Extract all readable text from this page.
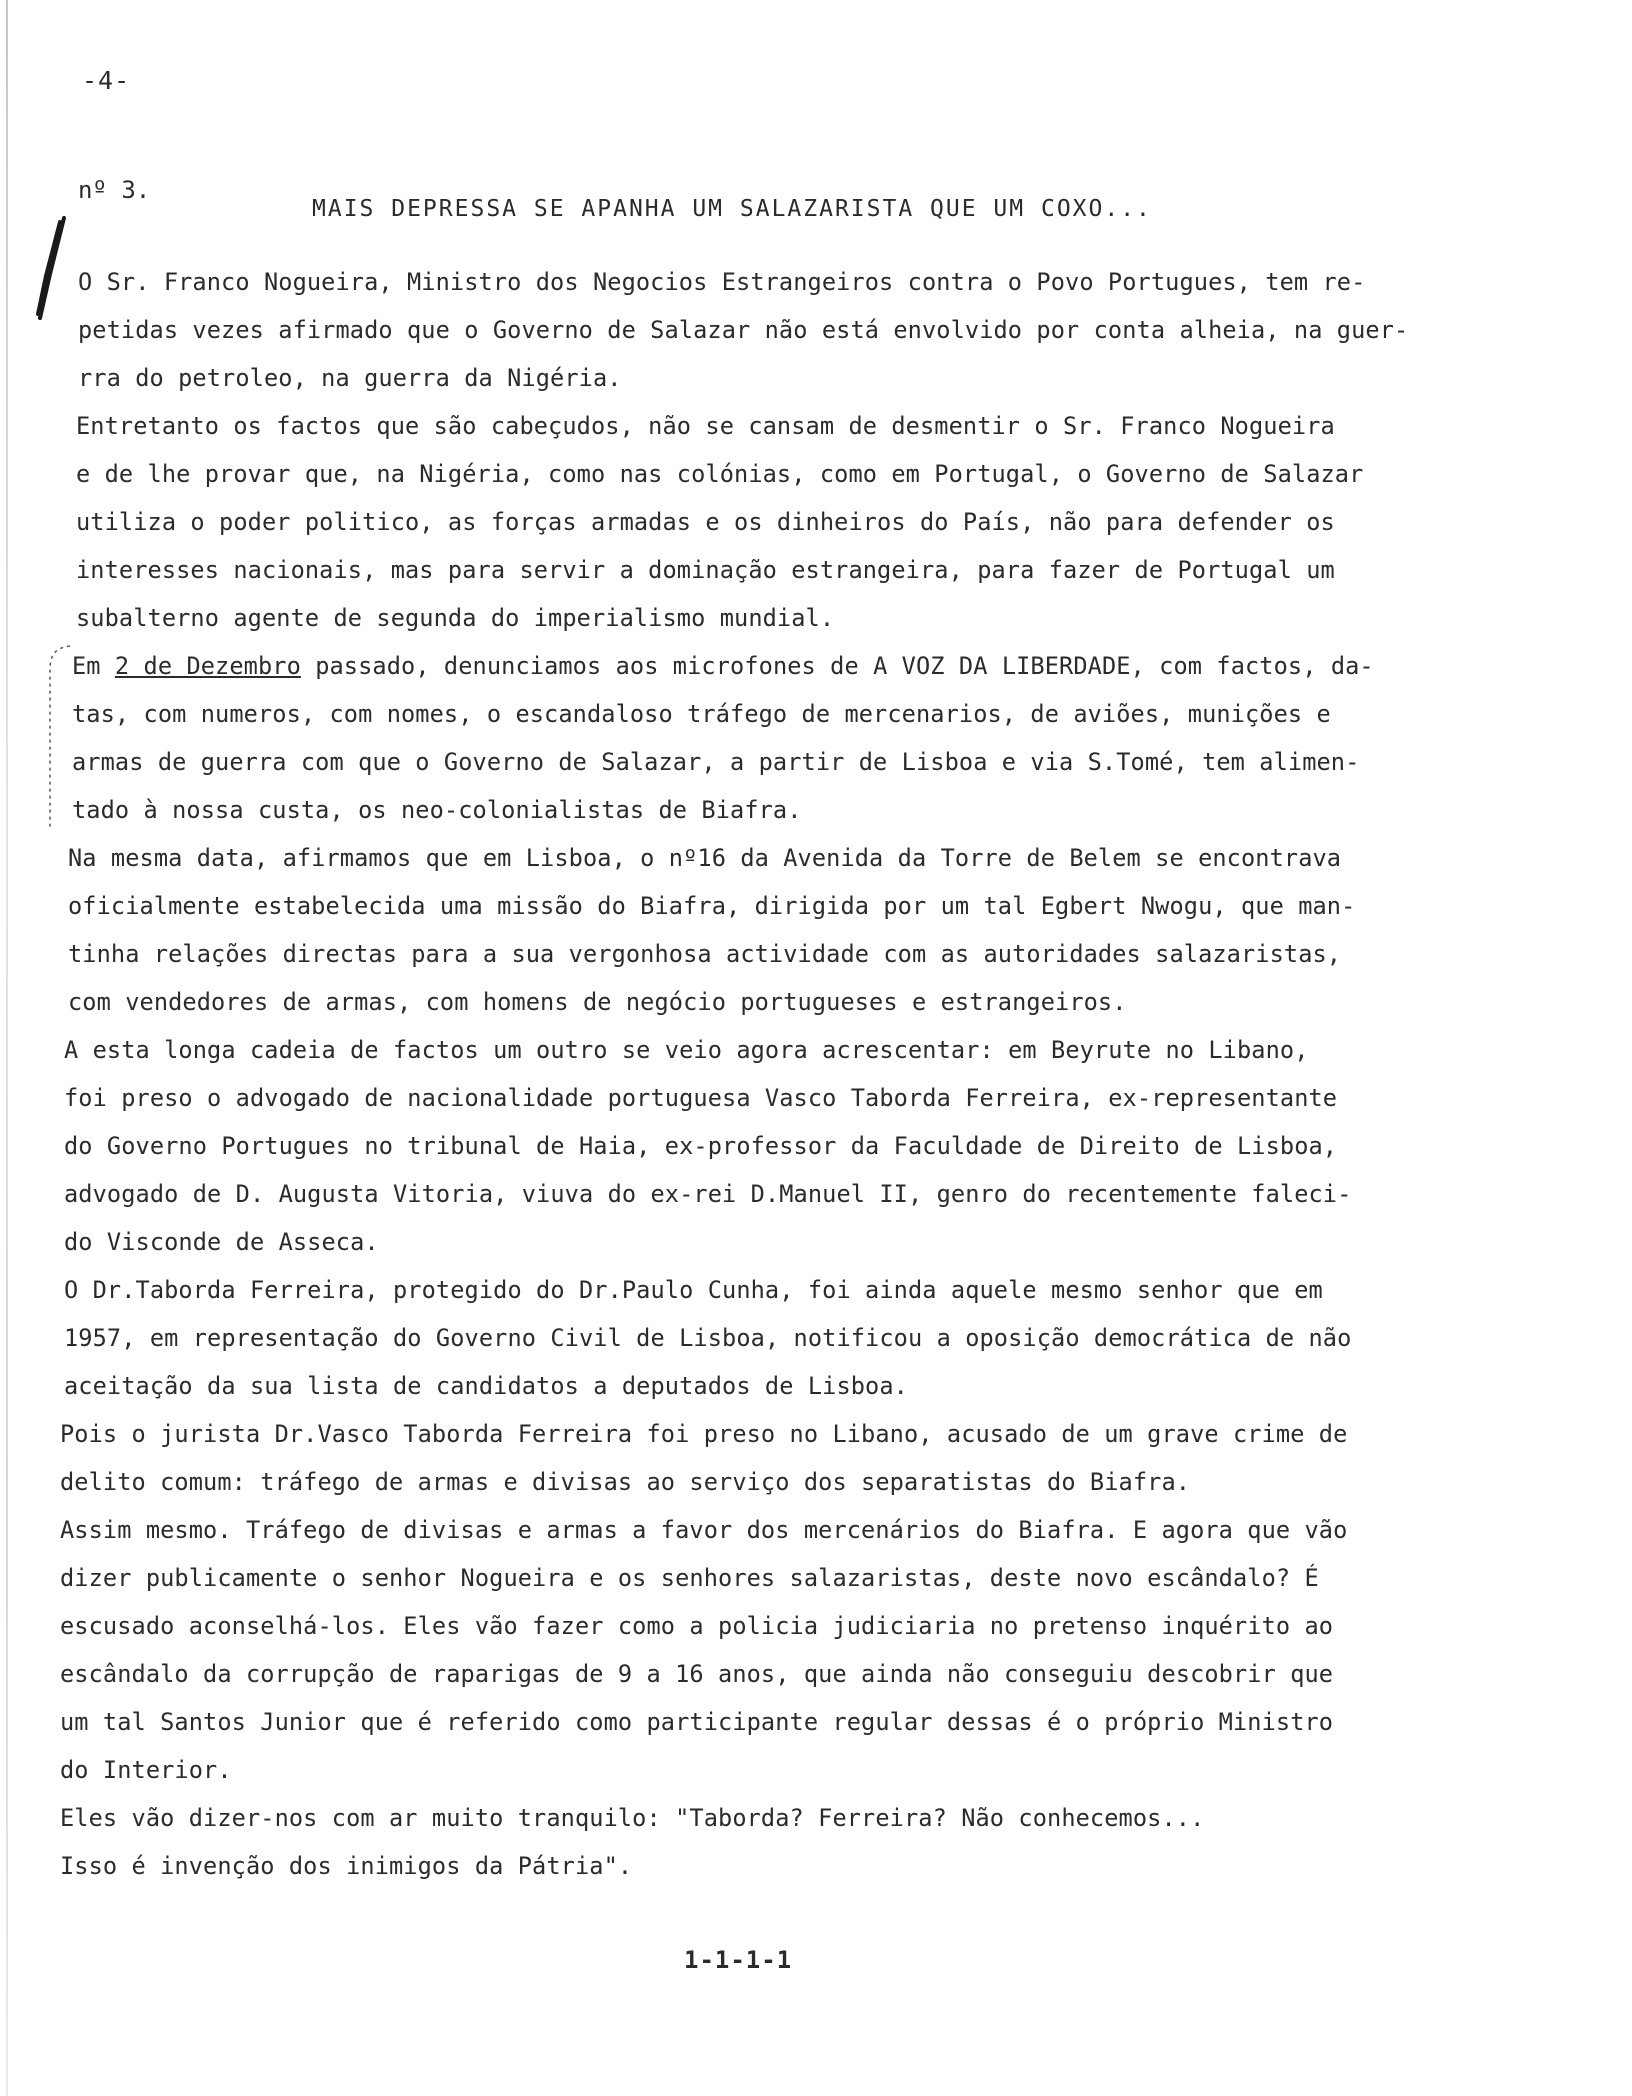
-4-
nº 3.
MAIS DEPRESSA SE APANHA UM SALAZARISTA QUE UM COXO...
O Sr. Franco Nogueira, Ministro dos Negocios Estrangeiros contra o Povo Portugues, tem re-
petidas vezes afirmado que o Governo de Salazar não está envolvido por conta alheia, na guer-
rra do petroleo, na guerra da Nigéria.
Entretanto os factos que são cabeçudos, não se cansam de desmentir o Sr. Franco Nogueira
e de lhe provar que, na Nigéria, como nas colónias, como em Portugal, o Governo de Salazar
utiliza o poder politico, as forças armadas e os dinheiros do País, não para defender os
interesses nacionais, mas para servir a dominação estrangeira, para fazer de Portugal um
subalterno agente de segunda do imperialismo mundial.
Em 2 de Dezembro passado, denunciamos aos microfones de A VOZ DA LIBERDADE, com factos, da-
tas, com numeros, com nomes, o escandaloso tráfego de mercenarios, de aviões, munições e
armas de guerra com que o Governo de Salazar, a partir de Lisboa e via S.Tomé, tem alimen-
tado à nossa custa, os neo-colonialistas de Biafra.
Na mesma data, afirmamos que em Lisboa, o nº16 da Avenida da Torre de Belem se encontrava
oficialmente estabelecida uma missão do Biafra, dirigida por um tal Egbert Nwogu, que man-
tinha relações directas para a sua vergonhosa actividade com as autoridades salazaristas,
com vendedores de armas, com homens de negócio portugueses e estrangeiros.
A esta longa cadeia de factos um outro se veio agora acrescentar: em Beyrute no Libano,
foi preso o advogado de nacionalidade portuguesa Vasco Taborda Ferreira, ex-representante
do Governo Portugues no tribunal de Haia, ex-professor da Faculdade de Direito de Lisboa,
advogado de D. Augusta Vitoria, viuva do ex-rei D.Manuel II, genro do recentemente faleci-
do Visconde de Asseca.
O Dr.Taborda Ferreira, protegido do Dr.Paulo Cunha, foi ainda aquele mesmo senhor que em
1957, em representação do Governo Civil de Lisboa, notificou a oposição democrática de não
aceitação da sua lista de candidatos a deputados de Lisboa.
Pois o jurista Dr.Vasco Taborda Ferreira foi preso no Libano, acusado de um grave crime de
delito comum: tráfego de armas e divisas ao serviço dos separatistas do Biafra.
Assim mesmo. Tráfego de divisas e armas a favor dos mercenários do Biafra. E agora que vão
dizer publicamente o senhor Nogueira e os senhores salazaristas, deste novo escândalo? É
escusado aconselhá-los. Eles vão fazer como a policia judiciaria no pretenso inquérito ao
escândalo da corrupção de raparigas de 9 a 16 anos, que ainda não conseguiu descobrir que
um tal Santos Junior que é referido como participante regular dessas é o próprio Ministro
do Interior.
Eles vão dizer-nos com ar muito tranquilo: "Taborda? Ferreira? Não conhecemos...
Isso é invenção dos inimigos da Pátria".
1-1-1-1
